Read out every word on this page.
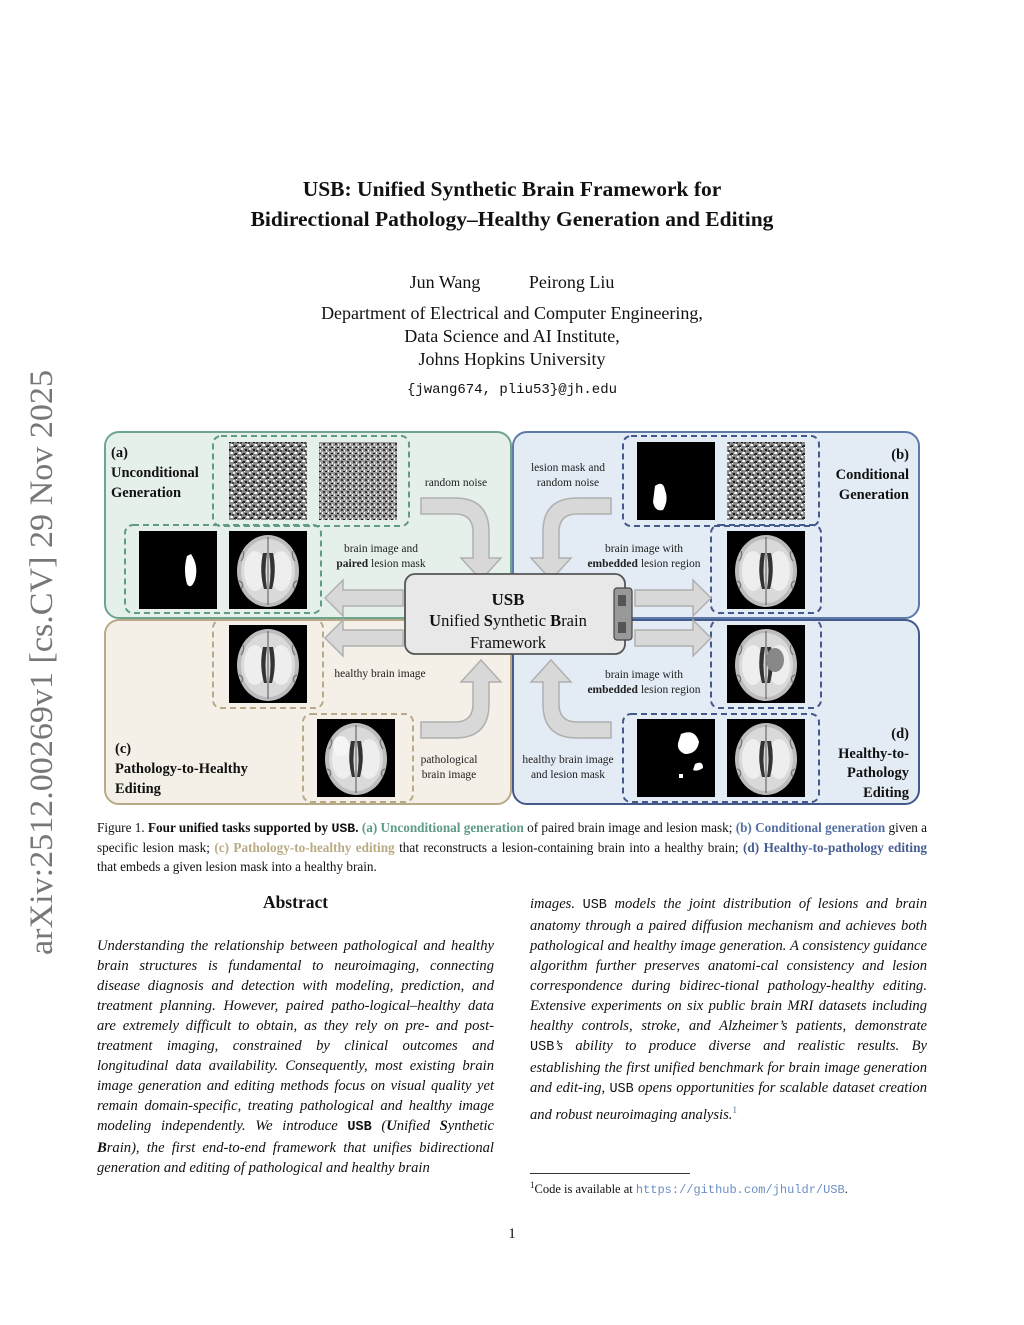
arXiv:2512.00269v1 [cs.CV] 29 Nov 2025
USB: Unified Synthetic Brain Framework for
Bidirectional Pathology–Healthy Generation and Editing
Jun Wang	Peirong Liu
Department of Electrical and Computer Engineering,
Data Science and AI Institute,
Johns Hopkins University
{jwang674, pliu53}@jh.edu
(a)
Unconditional
Generation
(b)
Conditional
Generation
(c)
Pathology-to-Healthy
Editing
(d)
Healthy-to-
Pathology
Editing
USB
Unified Synthetic Brain
Framework
random noise
lesion mask and
random noise
brain image and
paired lesion mask
brain image with
embedded lesion region
healthy brain image	brain image with
embedded lesion region
pathological
brain image
healthy brain image
and lesion mask
Figure 1. Four unified tasks supported by USB. (a) Unconditional generation of paired brain image and lesion mask; (b) Conditional generation given a specific lesion mask; (c) Pathology-to-healthy editing that reconstructs a lesion-containing brain into a healthy brain; (d) Healthy-to-pathology editing that embeds a given lesion mask into a healthy brain.
Abstract
Understanding the relationship between pathological and healthy brain structures is fundamental to neuroimaging, connecting disease diagnosis and detection with modeling, prediction, and treatment planning. However, paired patho-logical–healthy data are extremely difficult to obtain, as they rely on pre- and post-treatment imaging, constrained by clinical outcomes and longitudinal data availability. Consequently, most existing brain image generation and editing methods focus on visual quality yet remain domain-specific, treating pathological and healthy image modeling independently. We introduce USB (Unified Synthetic Brain), the first end-to-end framework that unifies bidirectional generation and editing of pathological and healthy brain
images. USB models the joint distribution of lesions and brain anatomy through a paired diffusion mechanism and achieves both pathological and healthy image generation. A consistency guidance algorithm further preserves anatomi-cal consistency and lesion correspondence during bidirec-tional pathology-healthy editing. Extensive experiments on six public brain MRI datasets including healthy controls, stroke, and Alzheimer’s patients, demonstrate USB’s ability to produce diverse and realistic results. By establishing the first unified benchmark for brain image generation and edit-ing, USB opens opportunities for scalable dataset creation and robust neuroimaging analysis.$^1$
$^1$Code is available at https://github.com/jhuldr/USB.
1
